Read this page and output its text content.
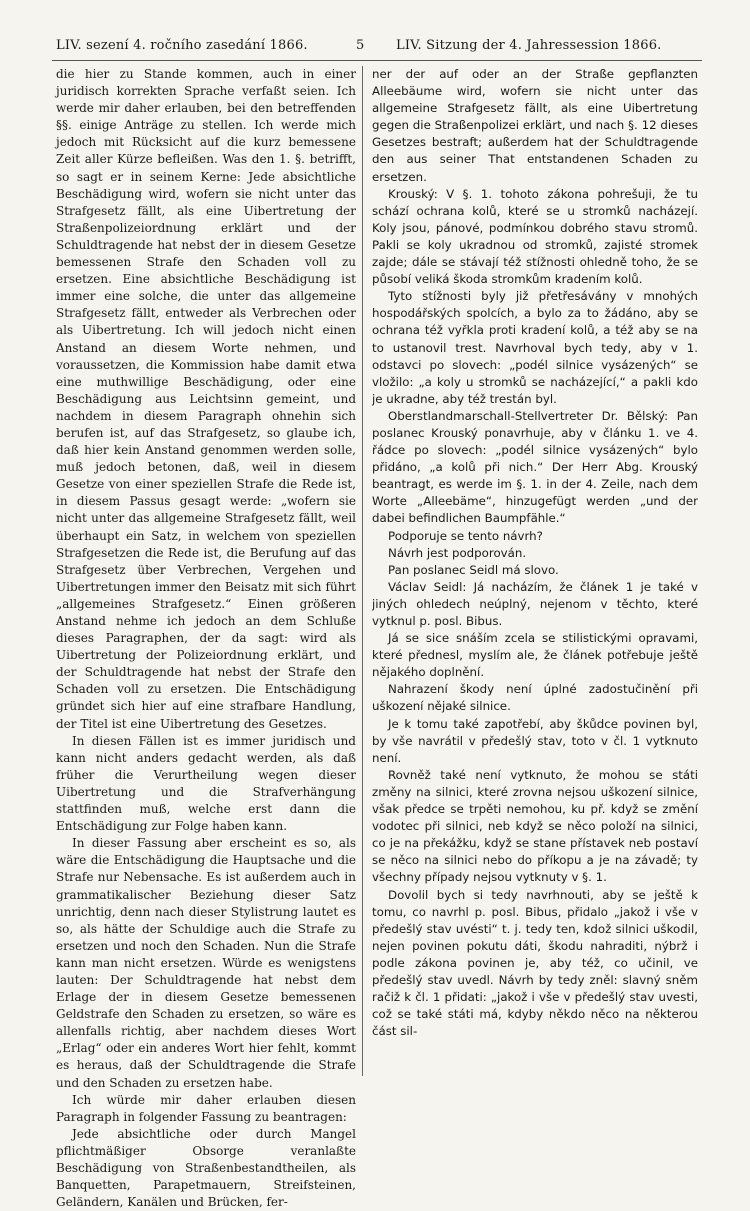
LIV. sezení 4. ročního zasedání 1866.	5 LIV. Sitzung der 4. Jahressession 1866.

die hier zu Stande kommen, auch in einer juridisch korrekten Sprache verfaßt seien. Ich werde mir daher erlauben, bei den betreffenden §§. einige Anträge zu stellen. Ich werde mich jedoch mit Rücksicht auf die kurz bemessene Zeit aller Kürze befleißen. Was den 1. §. betrifft, so sagt er in seinem Kerne: Jede absichtliche Beschädigung wird, wofern sie nicht unter das Strafgesetz fällt, als eine Uibertretung der Straßenpolizeiordnung erklärt und der Schuldtragende hat nebst der in diesem Gesetze bemessenen Strafe den Schaden voll zu ersetzen. Eine absichtliche Beschädigung ist immer eine solche, die unter das allgemeine Strafgesetz fällt, entweder als Verbrechen oder als Uibertretung. Ich will jedoch nicht einen Anstand an diesem Worte nehmen, und voraussetzen, die Kommission habe damit etwa eine muthwillige Beschädigung, oder eine Beschädigung aus Leichtsinn gemeint, und nachdem in diesem Paragraph ohnehin sich berufen ist, auf das Strafgesetz, so glaube ich, daß hier kein Anstand genommen werden solle, muß jedoch betonen, daß, weil in diesem Gesetze von einer speziellen Strafe die Rede ist, in diesem Passus gesagt werde: „wofern sie nicht unter das allgemeine Strafgesetz fällt, weil überhaupt ein Satz, in welchem von speziellen Strafgesetzen die Rede ist, die Berufung auf das Strafgesetz über Verbrechen, Vergehen und Uibertretungen immer den Beisatz mit sich führt „allgemeines Strafgesetz.“ Einen größeren Anstand nehme ich jedoch an dem Schluße dieses Paragraphen, der da sagt: wird als Uibertretung der Polizeiordnung erklärt, und der Schuldtragende hat nebst der Strafe den Schaden voll zu ersetzen. Die Entschädigung gründet sich hier auf eine strafbare Handlung, der Titel ist eine Uibertretung des Gesetzes.

In diesen Fällen ist es immer juridisch und kann nicht anders gedacht werden, als daß früher die Verurtheilung wegen dieser Uibertretung und die Strafverhängung stattfinden muß, welche erst dann die Entschädigung zur Folge haben kann.

In dieser Fassung aber erscheint es so, als wäre die Entschädigung die Hauptsache und die Strafe nur Nebensache. Es ist außerdem auch in grammatikalischer Beziehung dieser Satz unrichtig, denn nach dieser Stylistrung lautet es so, als hätte der Schuldige auch die Strafe zu ersetzen und noch den Schaden. Nun die Strafe kann man nicht ersetzen. Würde es wenigstens lauten: Der Schuldtragende hat nebst dem Erlage der in diesem Gesetze bemessenen Geldstrafe den Schaden zu ersetzen, so wäre es allenfalls richtig, aber nachdem dieses Wort „Erlag“ oder ein anderes Wort hier fehlt, kommt es heraus, daß der Schuldtragende die Strafe und den Schaden zu ersetzen habe.

Ich würde mir daher erlauben diesen Paragraph in folgender Fassung zu beantragen:

Jede absichtliche oder durch Mangel pflichtmäßiger Obsorge veranlaßte Beschädigung von Straßenbestandtheilen, als Banquetten, Parapetmauern, Streifsteinen, Geländern, Kanälen und Brücken, fer-

ner der auf oder an der Straße gepflanzten Alleebäume wird, wofern sie nicht unter das allgemeine Strafgesetz fällt, als eine Uibertretung gegen die Straßenpolizei erklärt, und nach §. 12 dieses Gesetzes bestraft; außerdem hat der Schuldtragende den aus seiner That entstandenen Schaden zu ersetzen.

Krouský: V §. 1. tohoto zákona pohrešuji, že tu schází ochrana kolů, které se u stromků nacházejí. Koly jsou, pánové, podmínkou dobrého stavu stromů. Pakli se koly ukradnou od stromků, zajisté stromek zajde; dále se stávají též stížnosti ohledně toho, že se působí veliká škoda stromkům kradením kolů.

Tyto stížnosti byly již přetřesávány v mnohých hospodářských spolcích, a bylo za to žádáno, aby se ochrana též vyřkla proti kradení kolů, a též aby se na to ustanovil trest. Navrhoval bych tedy, aby v 1. odstavci po slovech: „podél silnice vysázených“ se vložilo: „a koly u stromků se nacházející,“ a pakli kdo je ukradne, aby též trestán byl.

Oberstlandmarschall-Stellvertreter Dr. Bělský: Pan poslanec Krouský ponavrhuje, aby v článku 1. ve 4. řádce po slovech: „podél silnice vysázených“ bylo přidáno, „a kolů při nich.“ Der Herr Abg. Krouský beantragt, es werde im §. 1. in der 4. Zeile, nach dem Worte „Alleebäme“, hinzugefügt werden „und der dabei befindlichen Baumpfähle.“

Podporuje se tento návrh?

Návrh jest podporován.

Pan poslanec Seidl má slovo.

Václav Seidl: Já nacházím, že článek 1 je také v jiných ohledech neúplný, nejenom v těchto, které vytknul p. posl. Bibus.

Já se sice snáším zcela se stilistickými opravami, které přednesl, myslím ale, že článek potřebuje ještě nějakého doplnění.

Nahrazení škody není úplné zadostučinění při uškození nějaké silnice.

Je k tomu také zapotřebí, aby škůdce povinen byl, by vše navrátil v předešlý stav, toto v čl. 1 vytknuto není.

Rovněž také není vytknuto, že mohou se státi změny na silnici, které zrovna nejsou uškození silnice, však předce se trpěti nemohou, ku př. když se změní vodotec při silnici, neb když se něco položí na silnici, co je na překážku, když se stane přístavek neb postaví se něco na silnici nebo do příkopu a je na závadě; ty všechny případy nejsou vytknuty v §. 1.

Dovolil bych si tedy navrhnouti, aby se ještě k tomu, co navrhl p. posl. Bibus, přidalo „jakož i vše v předešlý stav uvésti“ t. j. tedy ten, kdož silnici uškodil, nejen povinen pokutu dáti, škodu nahraditi, nýbrž i podle zákona povinen je, aby též, co učinil, ve předešlý stav uvedl. Návrh by tedy zněl: slavný sněm račiž k čl. 1 přidati: „jakož i vše v předešlý stav uvesti, což se také státi má, kdyby někdo něco na některou část sil-
